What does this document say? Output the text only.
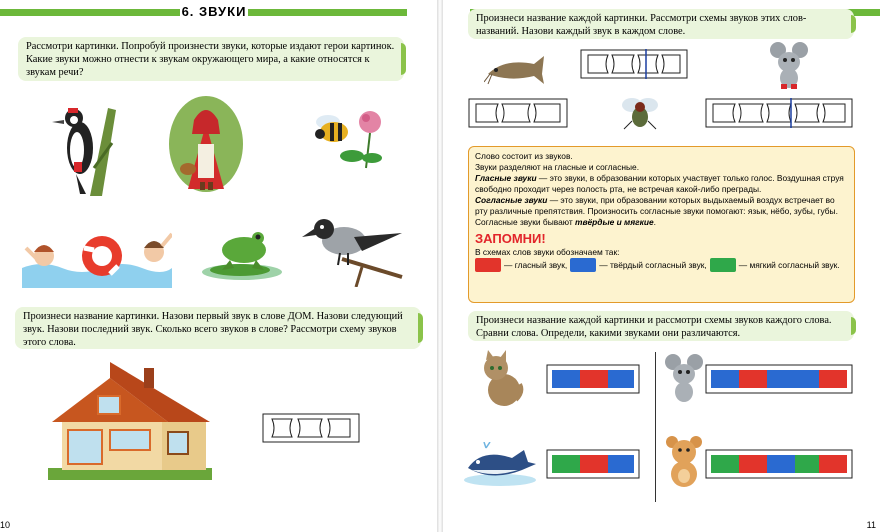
6. ЗВУКИ
Рассмотри картинки. Попробуй произнести звуки, которые издают герои картинок. Какие звуки можно отнести к звукам окружающего мира, а какие относятся к звукам речи?
Произнеси название картинки. Назови первый звук в слове ДОМ. Назови следующий звук. Назови последний звук. Сколько всего звуков в слове? Рассмотри схему звуков этого слова.
10	11
Произнеси название каждой картинки. Рассмотри схемы звуков этих слов-названий. Назови каждый звук в каждом слове.

Слово состоит из звуков.

Звуки разделяют на гласные и согласные.

Гласные звуки — это звуки, в образовании которых участвует только голос. Воздушная струя свободно проходит через полость рта, не встречая какой-либо преграды.

Согласные звуки — это звуки, при образовании которых выдыхаемый воздух встречает во рту различные препятствия. Произносить согласные звуки помогают: язык, нёбо, зубы, губы. Согласные звуки бывают твёрдые и мягкие.

ЗАПОМНИ!

В схемах слов звуки обозначаем так:

— гласный звук,	— твёрдый согласный звук,	— мягкий согласный звук.
Произнеси название каждой картинки и рассмотри схемы звуков каждого слова. Сравни слова. Определи, какими звуками они различаются.
